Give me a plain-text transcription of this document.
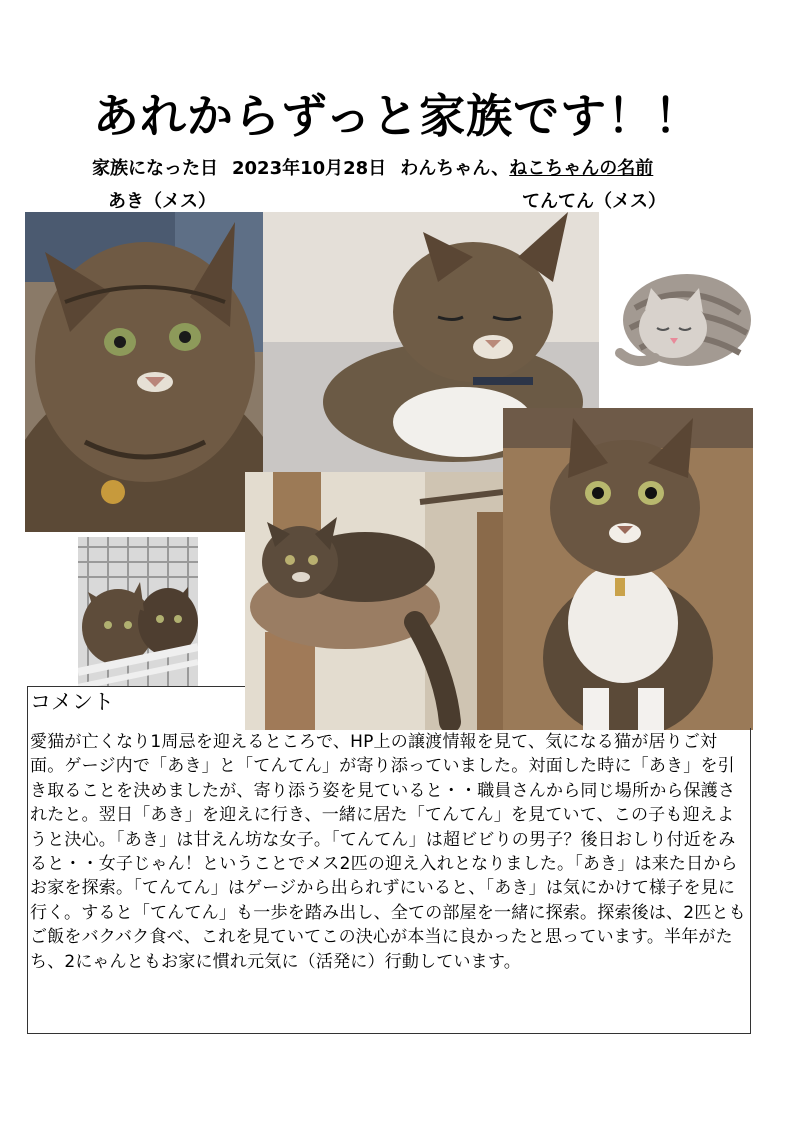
あれからずっと家族です！！
家族になった日 2023年10月28日 わんちゃん、ねこちゃんの名前
あき（メス）	てんてん（メス）
コメント

愛猫が亡くなり1周忌を迎えるところで、HP上の譲渡情報を見て、気になる猫が居りご対面。ゲージ内で「あき」と「てんてん」が寄り添っていました。対面した時に「あき」を引き取ることを決めましたが、寄り添う姿を見ていると・・職員さんから同じ場所から保護されたと。翌日「あき」を迎えに行き、一緒に居た「てんてん」を見ていて、この子も迎えようと決心。「あき」は甘えん坊な女子。「てんてん」は超ビビりの男子？後日おしり付近をみると・・女子じゃん！ということでメス2匹の迎え入れとなりました。「あき」は来た日からお家を探索。「てんてん」はゲージから出られずにいると、「あき」は気にかけて様子を見に行く。すると「てんてん」も一歩を踏み出し、全ての部屋を一緒に探索。探索後は、2匹ともご飯をバクバク食べ、これを見ていてこの決心が本当に良かったと思っています。半年がたち、2にゃんともお家に慣れ元気に（活発に）行動しています。
